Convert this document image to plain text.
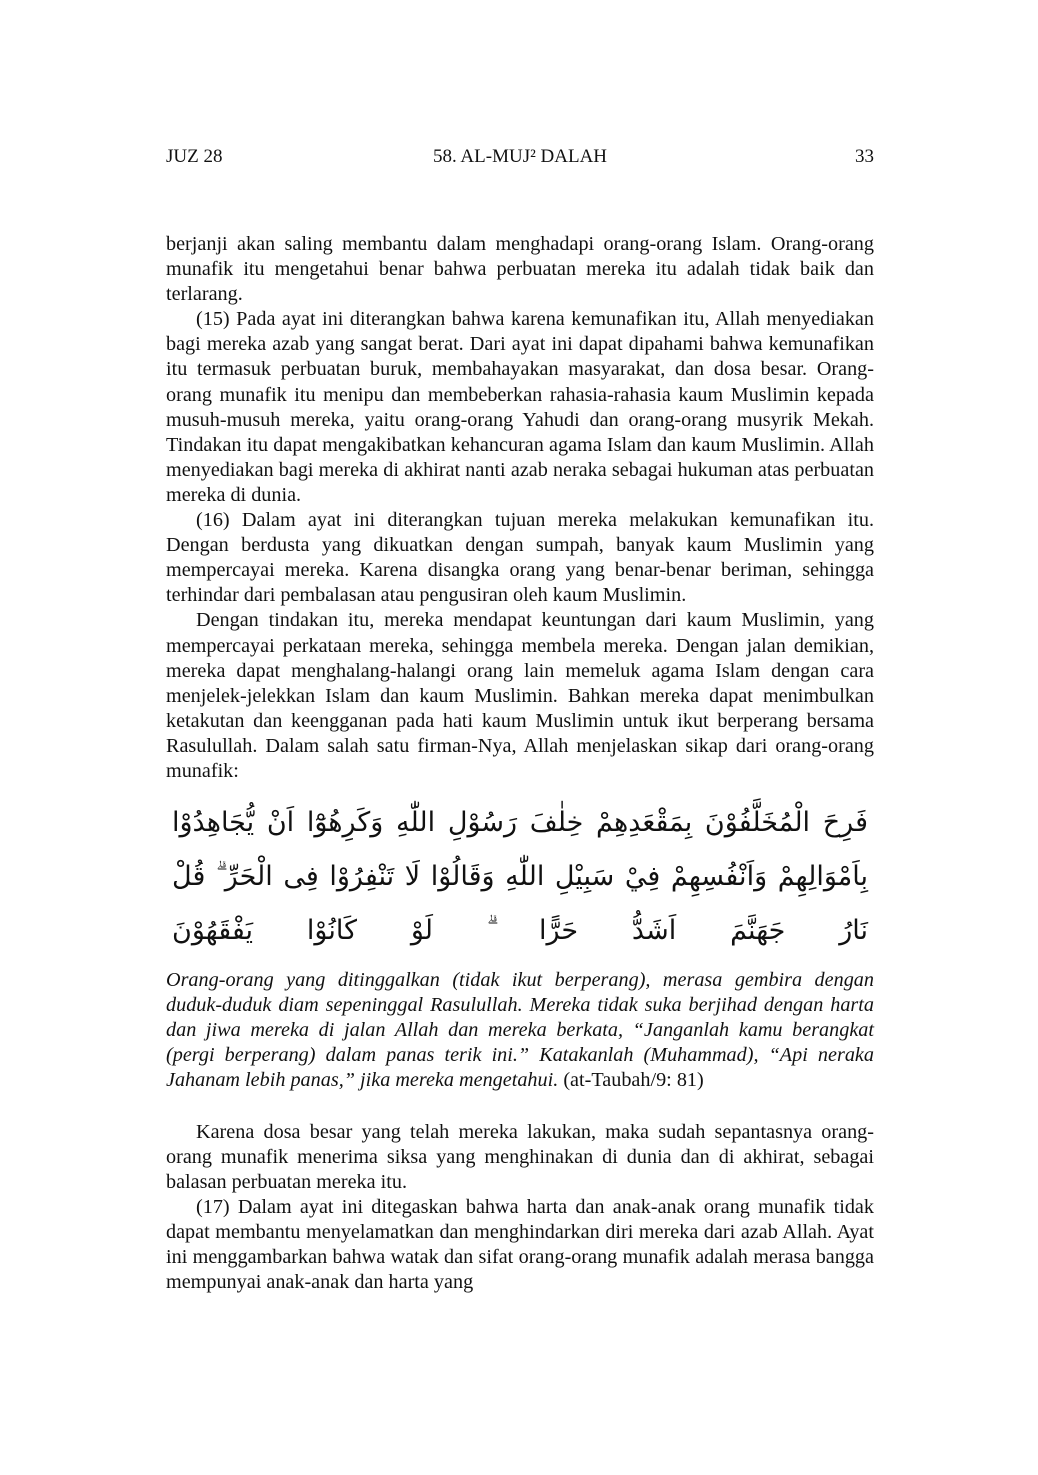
JUZ 28	58. AL-MUJ² DALAH	33

berjanji akan saling membantu dalam menghadapi orang-orang Islam. Orang-orang munafik itu mengetahui benar bahwa perbuatan mereka itu adalah tidak baik dan terlarang.

(15) Pada ayat ini diterangkan bahwa karena kemunafikan itu, Allah menyediakan bagi mereka azab yang sangat berat. Dari ayat ini dapat dipahami bahwa kemunafikan itu termasuk perbuatan buruk, membahayakan masyarakat, dan dosa besar. Orang-orang munafik itu menipu dan membeberkan rahasia-rahasia kaum Muslimin kepada musuh-musuh mereka, yaitu orang-orang Yahudi dan orang-orang musyrik Mekah. Tindakan itu dapat mengakibatkan kehancuran agama Islam dan kaum Muslimin. Allah menyediakan bagi mereka di akhirat nanti azab neraka sebagai hukuman atas perbuatan mereka di dunia.

(16) Dalam ayat ini diterangkan tujuan mereka melakukan kemunafikan itu. Dengan berdusta yang dikuatkan dengan sumpah, banyak kaum Muslimin yang mempercayai mereka. Karena disangka orang yang benar-benar beriman, sehingga terhindar dari pembalasan atau pengusiran oleh kaum Muslimin.

Dengan tindakan itu, mereka mendapat keuntungan dari kaum Muslimin, yang mempercayai perkataan mereka, sehingga membela mereka. Dengan jalan demikian, mereka dapat menghalang-halangi orang lain memeluk agama Islam dengan cara menjelek-jelekkan Islam dan kaum Muslimin. Bahkan mereka dapat menimbulkan ketakutan dan keengganan pada hati kaum Muslimin untuk ikut berperang bersama Rasulullah. Dalam salah satu firman-Nya, Allah menjelaskan sikap dari orang-orang munafik:

فَرِحَ الْمُخَلَّفُوْنَ بِمَقْعَدِهِمْ خِلٰفَ رَسُوْلِ اللّٰهِ وَكَرِهُوْٓا اَنْ يُّجَاهِدُوْا بِاَمْوَالِهِمْ وَاَنْفُسِهِمْ فِيْ سَبِيْلِ اللّٰهِ وَقَالُوْا لَا تَنْفِرُوْا فِى الْحَرِّ ۗ قُلْ نَارُ جَهَنَّمَ اَشَدُّ حَرًّا ۗ لَوْ كَانُوْا يَفْقَهُوْنَ

Orang-orang yang ditinggalkan (tidak ikut berperang), merasa gembira dengan duduk-duduk diam sepeninggal Rasulullah. Mereka tidak suka berjihad dengan harta dan jiwa mereka di jalan Allah dan mereka berkata, “Janganlah kamu berangkat (pergi berperang) dalam panas terik ini.” Katakanlah (Muhammad), “Api neraka Jahanam lebih panas,” jika mereka mengetahui. (at-Taubah/9: 81)

Karena dosa besar yang telah mereka lakukan, maka sudah sepantasnya orang-orang munafik menerima siksa yang menghinakan di dunia dan di akhirat, sebagai balasan perbuatan mereka itu.

(17) Dalam ayat ini ditegaskan bahwa harta dan anak-anak orang munafik tidak dapat membantu menyelamatkan dan menghindarkan diri mereka dari azab Allah. Ayat ini menggambarkan bahwa watak dan sifat orang-orang munafik adalah merasa bangga mempunyai anak-anak dan harta yang
